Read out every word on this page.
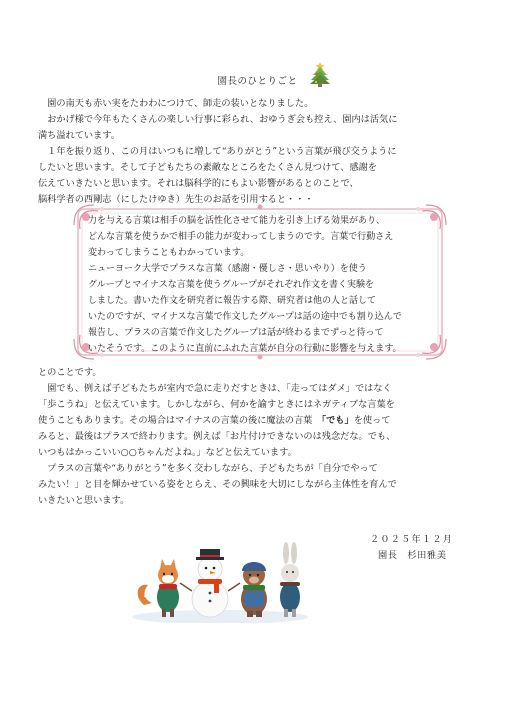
園長のひとりごと

　園の南天も赤い実をたわわにつけて、師走の装いとなりました。

　おかげ様で今年もたくさんの楽しい行事に彩られ、おゆうぎ会も控え、園内は活気に

満ち溢れています。

　１年を振り返り、この月はいつもに増して“ありがとう”という言葉が飛び交うように

したいと思います。そして子どもたちの素敵なところをたくさん見つけて、感謝を

伝えていきたいと思います。それは脳科学的にもよい影響があるとのことで、

脳科学者の西剛志（にしたけゆき）先生のお話を引用すると・・・

力を与える言葉は相手の脳を活性化させて能力を引き上げる効果があり、
どんな言葉を使うかで相手の能力が変わってしまうのです。言葉で行動さえ
変わってしまうこともわかっています。
ニューヨーク大学でプラスな言葉（感謝・優しさ・思いやり）を使う
グループとマイナスな言葉を使うグループがそれぞれ作文を書く実験を
しました。書いた作文を研究者に報告する際、研究者は他の人と話して
いたのですが、マイナスな言葉で作文したグループは話の途中でも割り込んで
報告し、プラスの言葉で作文したグループは話が終わるまでずっと待って
いたそうです。このように直前にふれた言葉が自分の行動に影響を与えます。

とのことです。

　園でも、例えば子どもたちが室内で急に走りだすときは、「走ってはダメ」ではなく

「歩こうね」と伝えています。しかしながら、何かを諭すときにはネガティブな言葉を

使うこともあります。その場合はマイナスの言葉の後に魔法の言葉　「でも」を使って

みると、最後はプラスで終わります。例えば「お片付けできないのは残念だな。でも、

いつもはかっこいい○○ちゃんだよね。」などと伝えています。

　プラスの言葉や“ありがとう”を多く交わしながら、子どもたちが「自分でやって

みたい！」と目を輝かせている姿をとらえ、その興味を大切にしながら主体性を育んで

いきたいと思います。

２０２５年１２月
園長　杉田雅美
